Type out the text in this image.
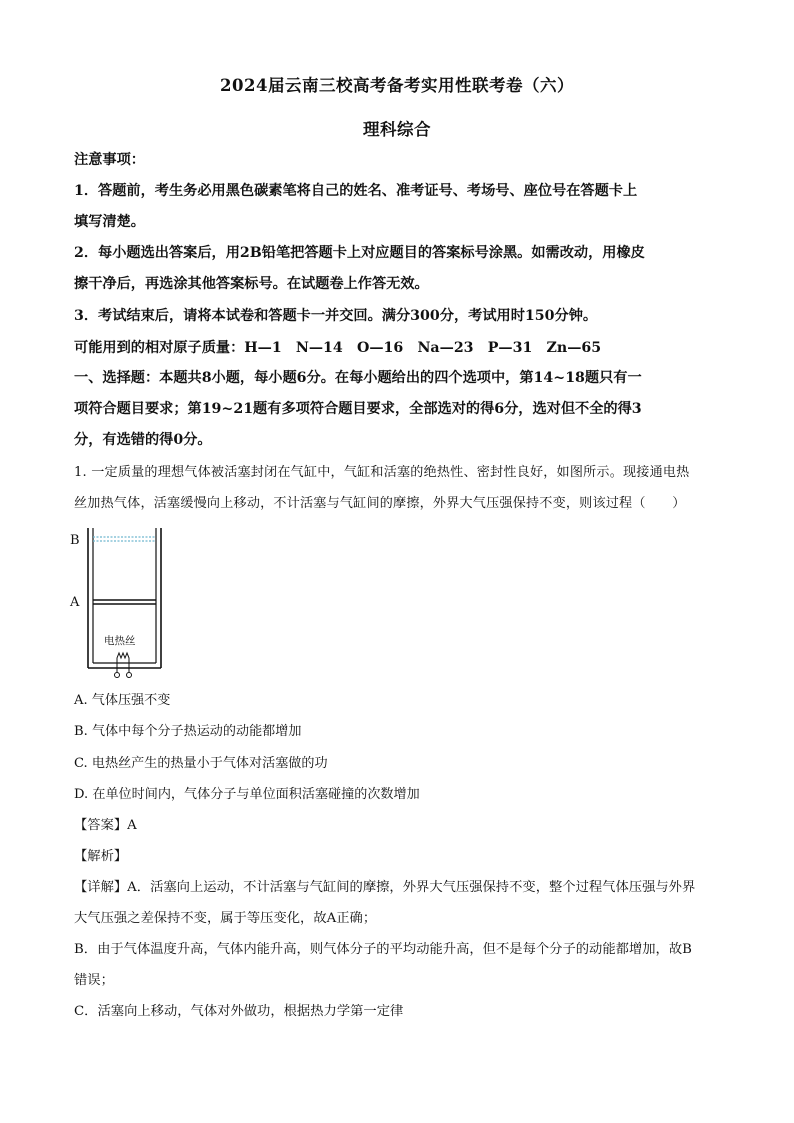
2024届云南三校高考备考实用性联考卷（六）
理科综合
注意事项：
1．答题前，考生务必用黑色碳素笔将自己的姓名、准考证号、考场号、座位号在答题卡上
填写清楚。
2．每小题选出答案后，用2B铅笔把答题卡上对应题目的答案标号涂黑。如需改动，用橡皮
擦干净后，再选涂其他答案标号。在试题卷上作答无效。
3．考试结束后，请将本试卷和答题卡一并交回。满分300分，考试用时150分钟。
可能用到的相对原子质量：H—1　N—14　O—16　Na—23　P—31　Zn—65
一、选择题：本题共8小题，每小题6分。在每小题给出的四个选项中，第14~18题只有一
项符合题目要求；第19~21题有多项符合题目要求，全部选对的得6分，选对但不全的得3
分，有选错的得0分。
1. 一定质量的理想气体被活塞封闭在气缸中，气缸和活塞的绝热性、密封性良好，如图所示。现接通电热
丝加热气体，活塞缓慢向上移动，不计活塞与气缸间的摩擦，外界大气压强保持不变，则该过程（　　）
B
A
电热丝
A. 气体压强不变
B. 气体中每个分子热运动的动能都增加
C. 电热丝产生的热量小于气体对活塞做的功
D. 在单位时间内，气体分子与单位面积活塞碰撞的次数增加
【答案】A
【解析】
【详解】A．活塞向上运动，不计活塞与气缸间的摩擦，外界大气压强保持不变，整个过程气体压强与外界
大气压强之差保持不变，属于等压变化，故A正确；
B．由于气体温度升高，气体内能升高，则气体分子的平均动能升高，但不是每个分子的动能都增加，故B
错误；
C．活塞向上移动，气体对外做功，根据热力学第一定律
